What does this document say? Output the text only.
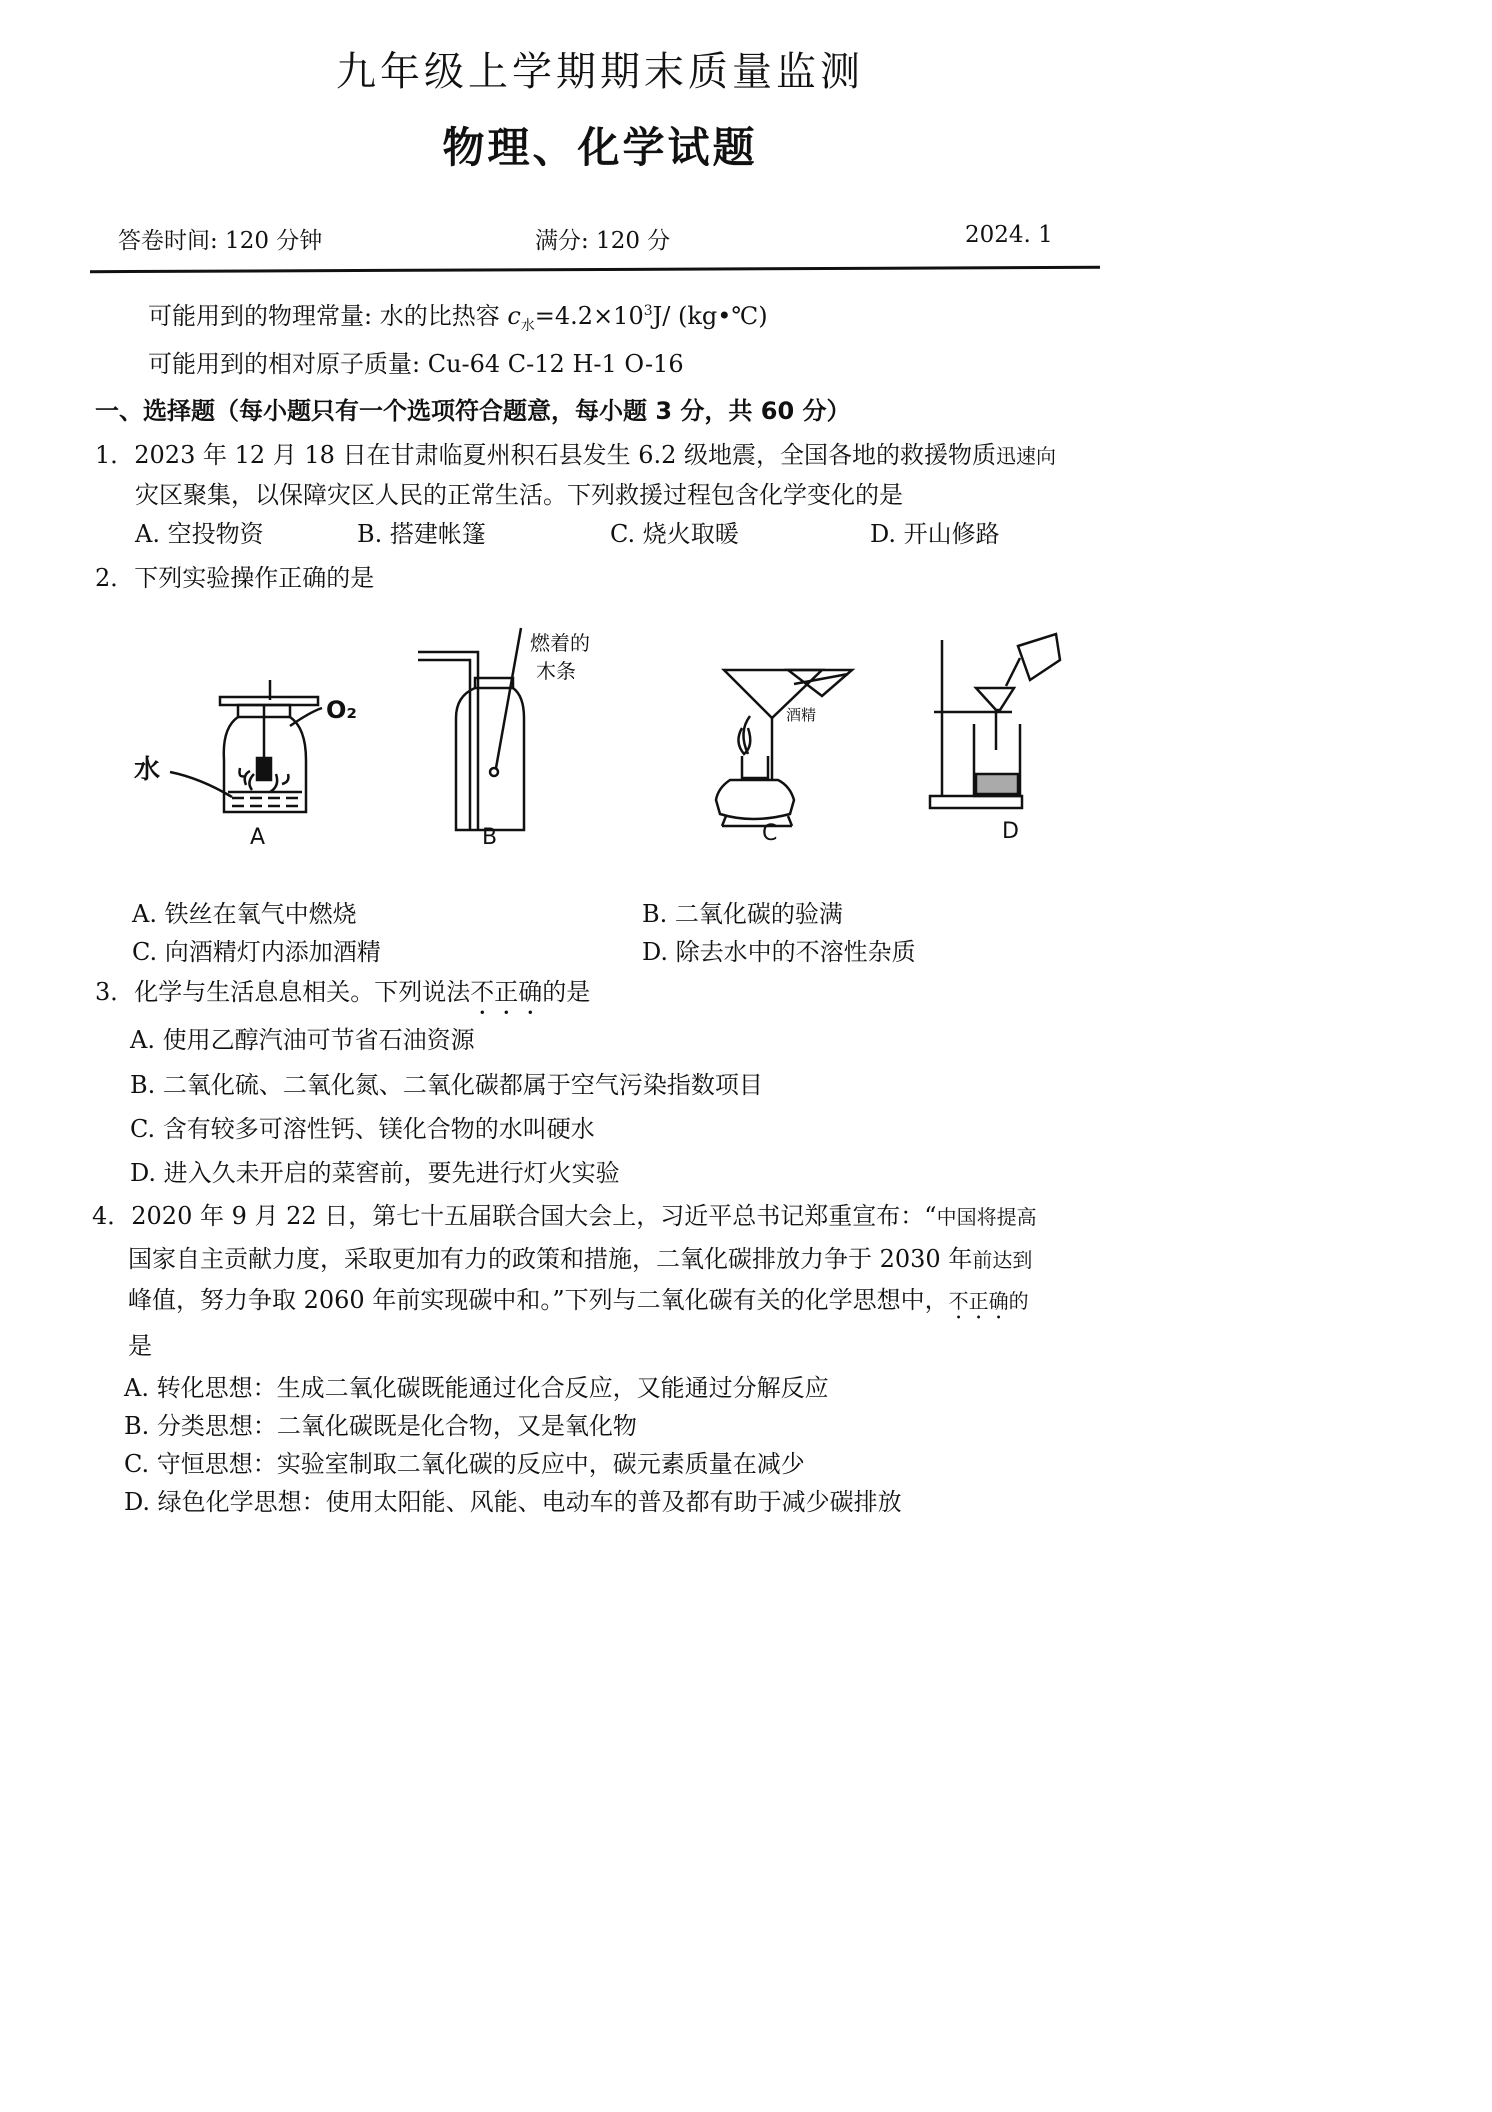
九年级上学期期末质量监测
物理、化学试题
答卷时间: 120 分钟	满分: 120 分	2024. 1
可能用到的物理常量: 水的比热容 $c_水=4.2\times 10^3J/$ (kg•℃)
可能用到的相对原子质量: Cu-64 C-12 H-1 O-16
一、选择题（每小题只有一个选项符合题意，每小题 3 分，共 60 分）
1．2023 年 12 月 18 日在甘肃临夏州积石县发生 6.2 级地震，全国各地的救援物质迅速向
灾区聚集，以保障灾区人民的正常生活。下列救援过程包含化学变化的是
A. 空投物资	B. 搭建帐篷	C. 烧火取暖	D. 开山修路
2．下列实验操作正确的是
水
O₂
燃着的
木条
酒精
A	B	C	D
A. 铁丝在氧气中燃烧	B. 二氧化碳的验满
C. 向酒精灯内添加酒精	D. 除去水中的不溶性杂质
3．化学与生活息息相关。下列说法不正确的是
A. 使用乙醇汽油可节省石油资源
B. 二氧化硫、二氧化氮、二氧化碳都属于空气污染指数项目
C. 含有较多可溶性钙、镁化合物的水叫硬水
D. 进入久未开启的菜窖前，要先进行灯火实验
4．2020 年 9 月 22 日，第七十五届联合国大会上，习近平总书记郑重宣布：“中国将提高
国家自主贡献力度，采取更加有力的政策和措施，二氧化碳排放力争于 2030 年前达到
峰值，努力争取 2060 年前实现碳中和。”下列与二氧化碳有关的化学思想中，不正确的
是
A. 转化思想：生成二氧化碳既能通过化合反应，又能通过分解反应
B. 分类思想：二氧化碳既是化合物，又是氧化物
C. 守恒思想：实验室制取二氧化碳的反应中，碳元素质量在减少
D. 绿色化学思想：使用太阳能、风能、电动车的普及都有助于减少碳排放
